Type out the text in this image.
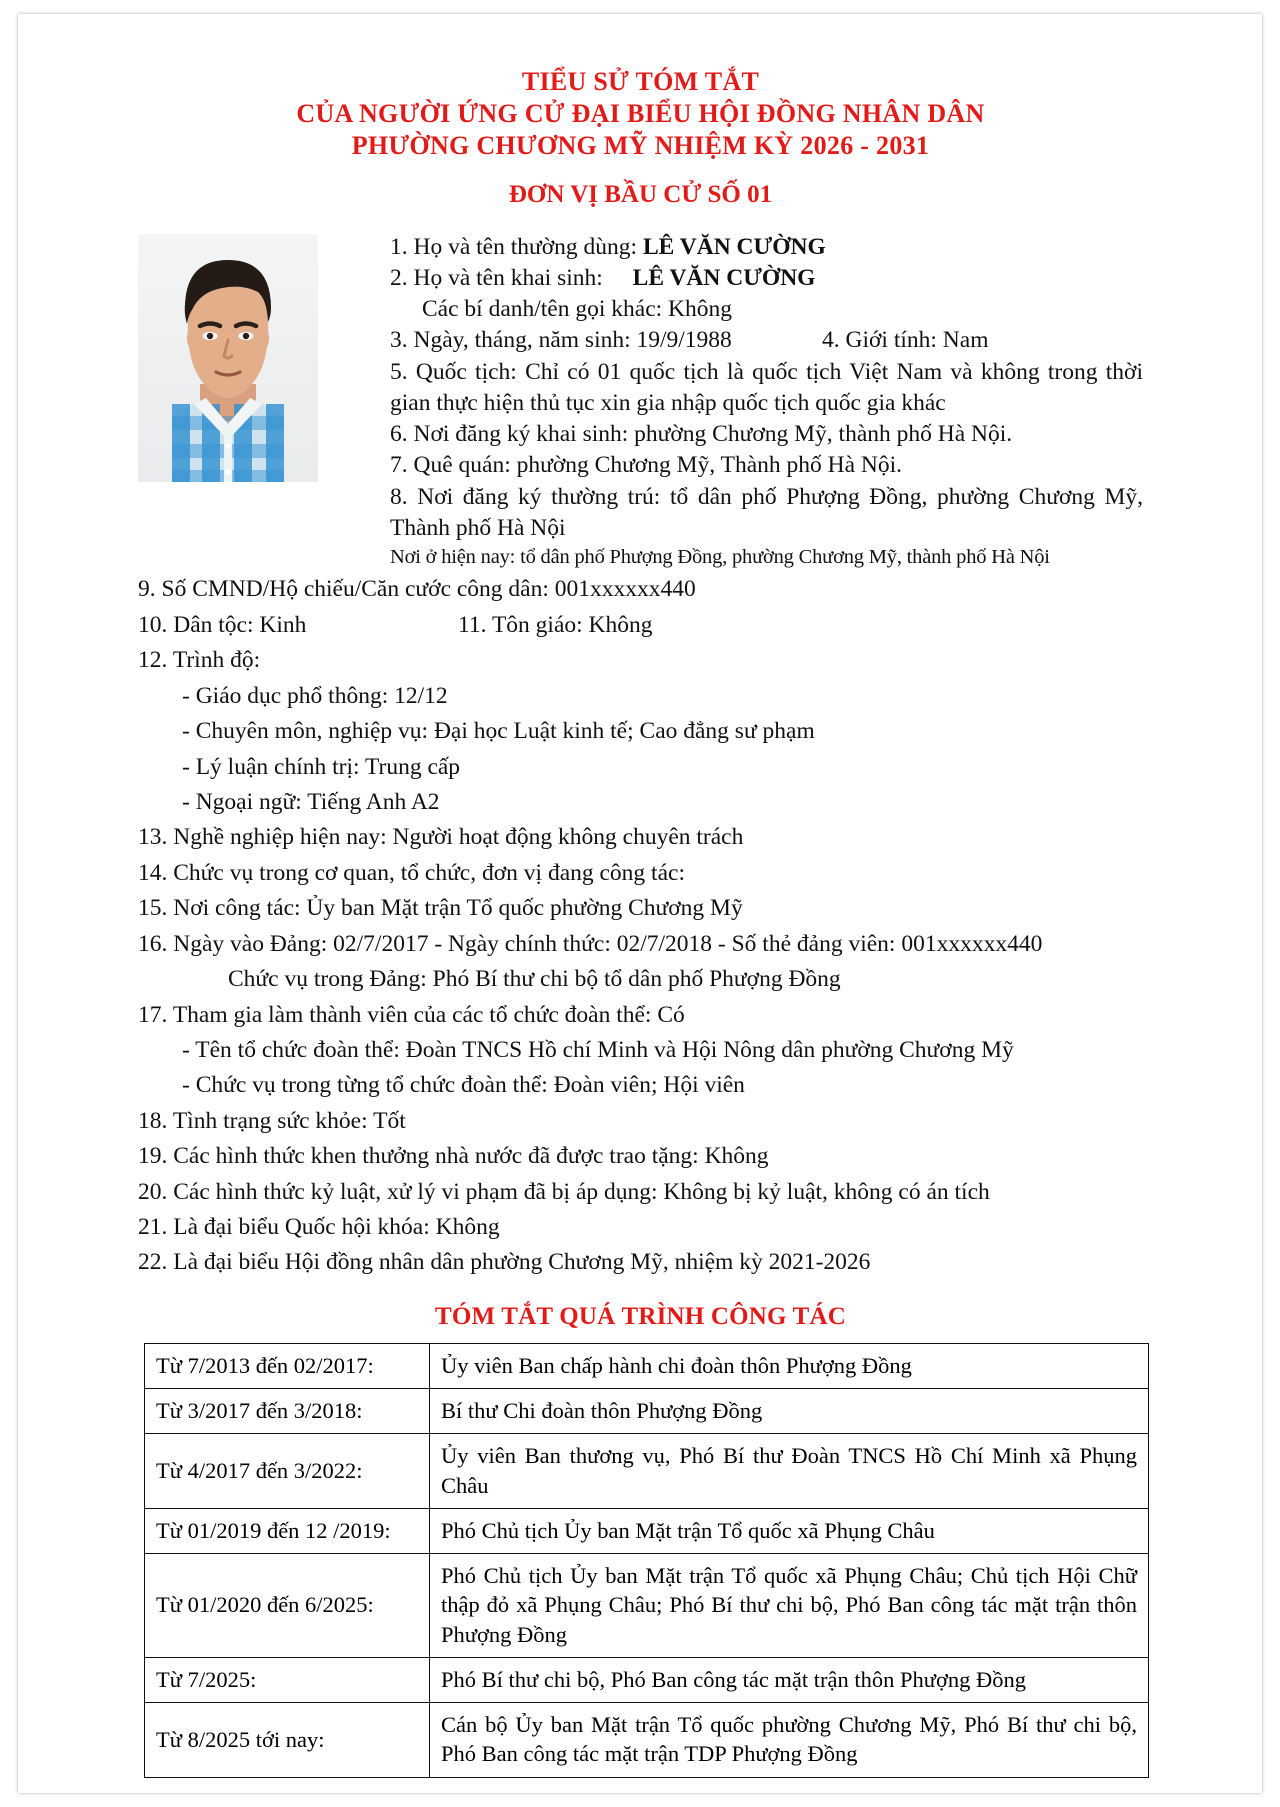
TIỂU SỬ TÓM TẮT
CỦA NGƯỜI ỨNG CỬ ĐẠI BIỂU HỘI ĐỒNG NHÂN DÂN
PHƯỜNG CHƯƠNG MỸ NHIỆM KỲ 2026 - 2031
ĐƠN VỊ BẦU CỬ SỐ 01
1. Họ và tên thường dùng: LÊ VĂN CƯỜNG
2. Họ và tên khai sinh: LÊ VĂN CƯỜNG
Các bí danh/tên gọi khác: Không
3. Ngày, tháng, năm sinh: 19/9/1988	4. Giới tính: Nam
5. Quốc tịch: Chỉ có 01 quốc tịch là quốc tịch Việt Nam và không trong thời gian thực hiện thủ tục xin gia nhập quốc tịch quốc gia khác
6. Nơi đăng ký khai sinh: phường Chương Mỹ, thành phố Hà Nội.
7. Quê quán: phường Chương Mỹ, Thành phố Hà Nội.
8. Nơi đăng ký thường trú: tổ dân phố Phượng Đồng, phường Chương Mỹ, Thành phố Hà Nội
Nơi ở hiện nay: tổ dân phố Phượng Đồng, phường Chương Mỹ, thành phố Hà Nội
9. Số CMND/Hộ chiếu/Căn cước công dân: 001xxxxxx440
10. Dân tộc: Kinh	11. Tôn giáo: Không
12. Trình độ:
- Giáo dục phổ thông: 12/12
- Chuyên môn, nghiệp vụ: Đại học Luật kinh tế; Cao đẳng sư phạm
- Lý luận chính trị: Trung cấp
- Ngoại ngữ: Tiếng Anh A2
13. Nghề nghiệp hiện nay: Người hoạt động không chuyên trách
14. Chức vụ trong cơ quan, tổ chức, đơn vị đang công tác:
15. Nơi công tác: Ủy ban Mặt trận Tổ quốc phường Chương Mỹ
16. Ngày vào Đảng: 02/7/2017 - Ngày chính thức: 02/7/2018 - Số thẻ đảng viên: 001xxxxxx440
Chức vụ trong Đảng: Phó Bí thư chi bộ tổ dân phố Phượng Đồng
17. Tham gia làm thành viên của các tổ chức đoàn thể: Có
- Tên tổ chức đoàn thể: Đoàn TNCS Hồ chí Minh và Hội Nông dân phường Chương Mỹ
- Chức vụ trong từng tổ chức đoàn thể: Đoàn viên; Hội viên
18. Tình trạng sức khỏe: Tốt
19. Các hình thức khen thưởng nhà nước đã được trao tặng: Không
20. Các hình thức kỷ luật, xử lý vi phạm đã bị áp dụng: Không bị kỷ luật, không có án tích
21. Là đại biểu Quốc hội khóa: Không
22. Là đại biểu Hội đồng nhân dân phường Chương Mỹ, nhiệm kỳ 2021-2026
TÓM TẮT QUÁ TRÌNH CÔNG TÁC
Từ 7/2013 đến 02/2017:	Ủy viên Ban chấp hành chi đoàn thôn Phượng Đồng
Từ 3/2017 đến 3/2018:	Bí thư Chi đoàn thôn Phượng Đồng
Từ 4/2017 đến 3/2022:	Ủy viên Ban thương vụ, Phó Bí thư Đoàn TNCS Hồ Chí Minh xã Phụng Châu
Từ 01/2019 đến 12 /2019:	Phó Chủ tịch Ủy ban Mặt trận Tổ quốc xã Phụng Châu
Từ 01/2020 đến 6/2025:	Phó Chủ tịch Ủy ban Mặt trận Tổ quốc xã Phụng Châu; Chủ tịch Hội Chữ thập đỏ xã Phụng Châu; Phó Bí thư chi bộ, Phó Ban công tác mặt trận thôn Phượng Đồng
Từ 7/2025:	Phó Bí thư chi bộ, Phó Ban công tác mặt trận thôn Phượng Đồng
Từ 8/2025 tới nay:	Cán bộ Ủy ban Mặt trận Tổ quốc phường Chương Mỹ, Phó Bí thư chi bộ, Phó Ban công tác mặt trận TDP Phượng Đồng
